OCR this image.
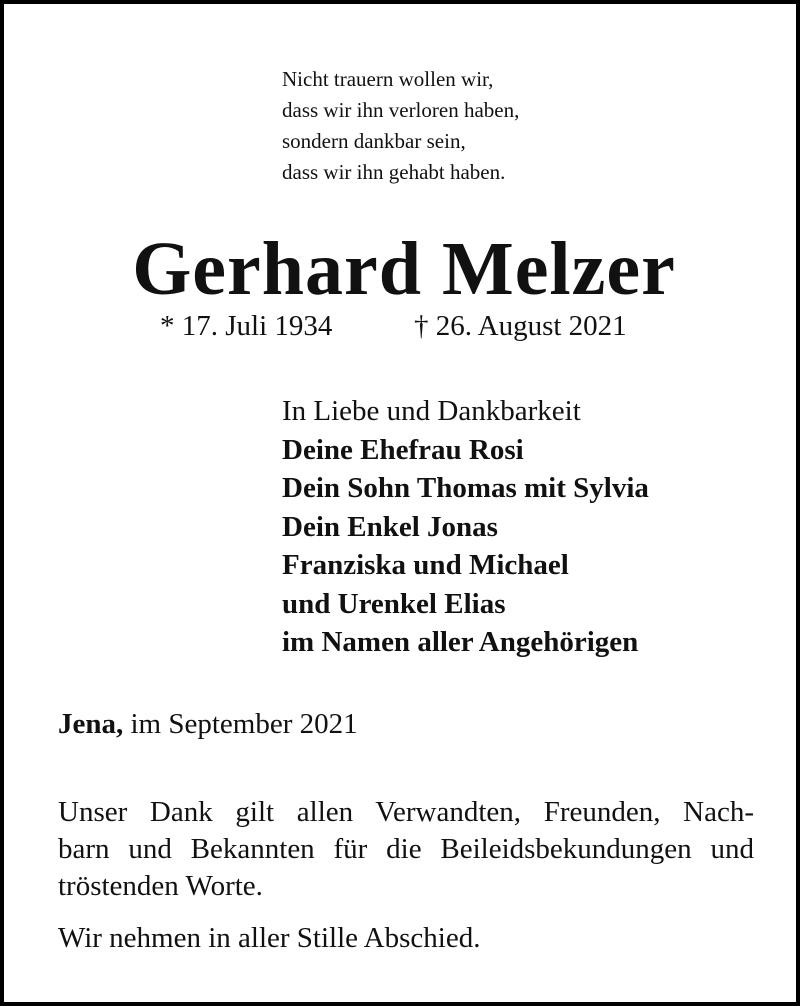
Nicht trauern wollen wir,
dass wir ihn verloren haben,
sondern dankbar sein,
dass wir ihn gehabt haben.
Gerhard Melzer
* 17. Juli 1934	† 26. August 2021
In Liebe und Dankbarkeit
Deine Ehefrau Rosi
Dein Sohn Thomas mit Sylvia
Dein Enkel Jonas
Franziska und Michael
und Urenkel Elias
im Namen aller Angehörigen
Jena, im September 2021
Unser Dank gilt allen Verwandten, Freunden, Nach-
barn und Bekannten für die Beileidsbekundungen und
tröstenden Worte.
Wir nehmen in aller Stille Abschied.
